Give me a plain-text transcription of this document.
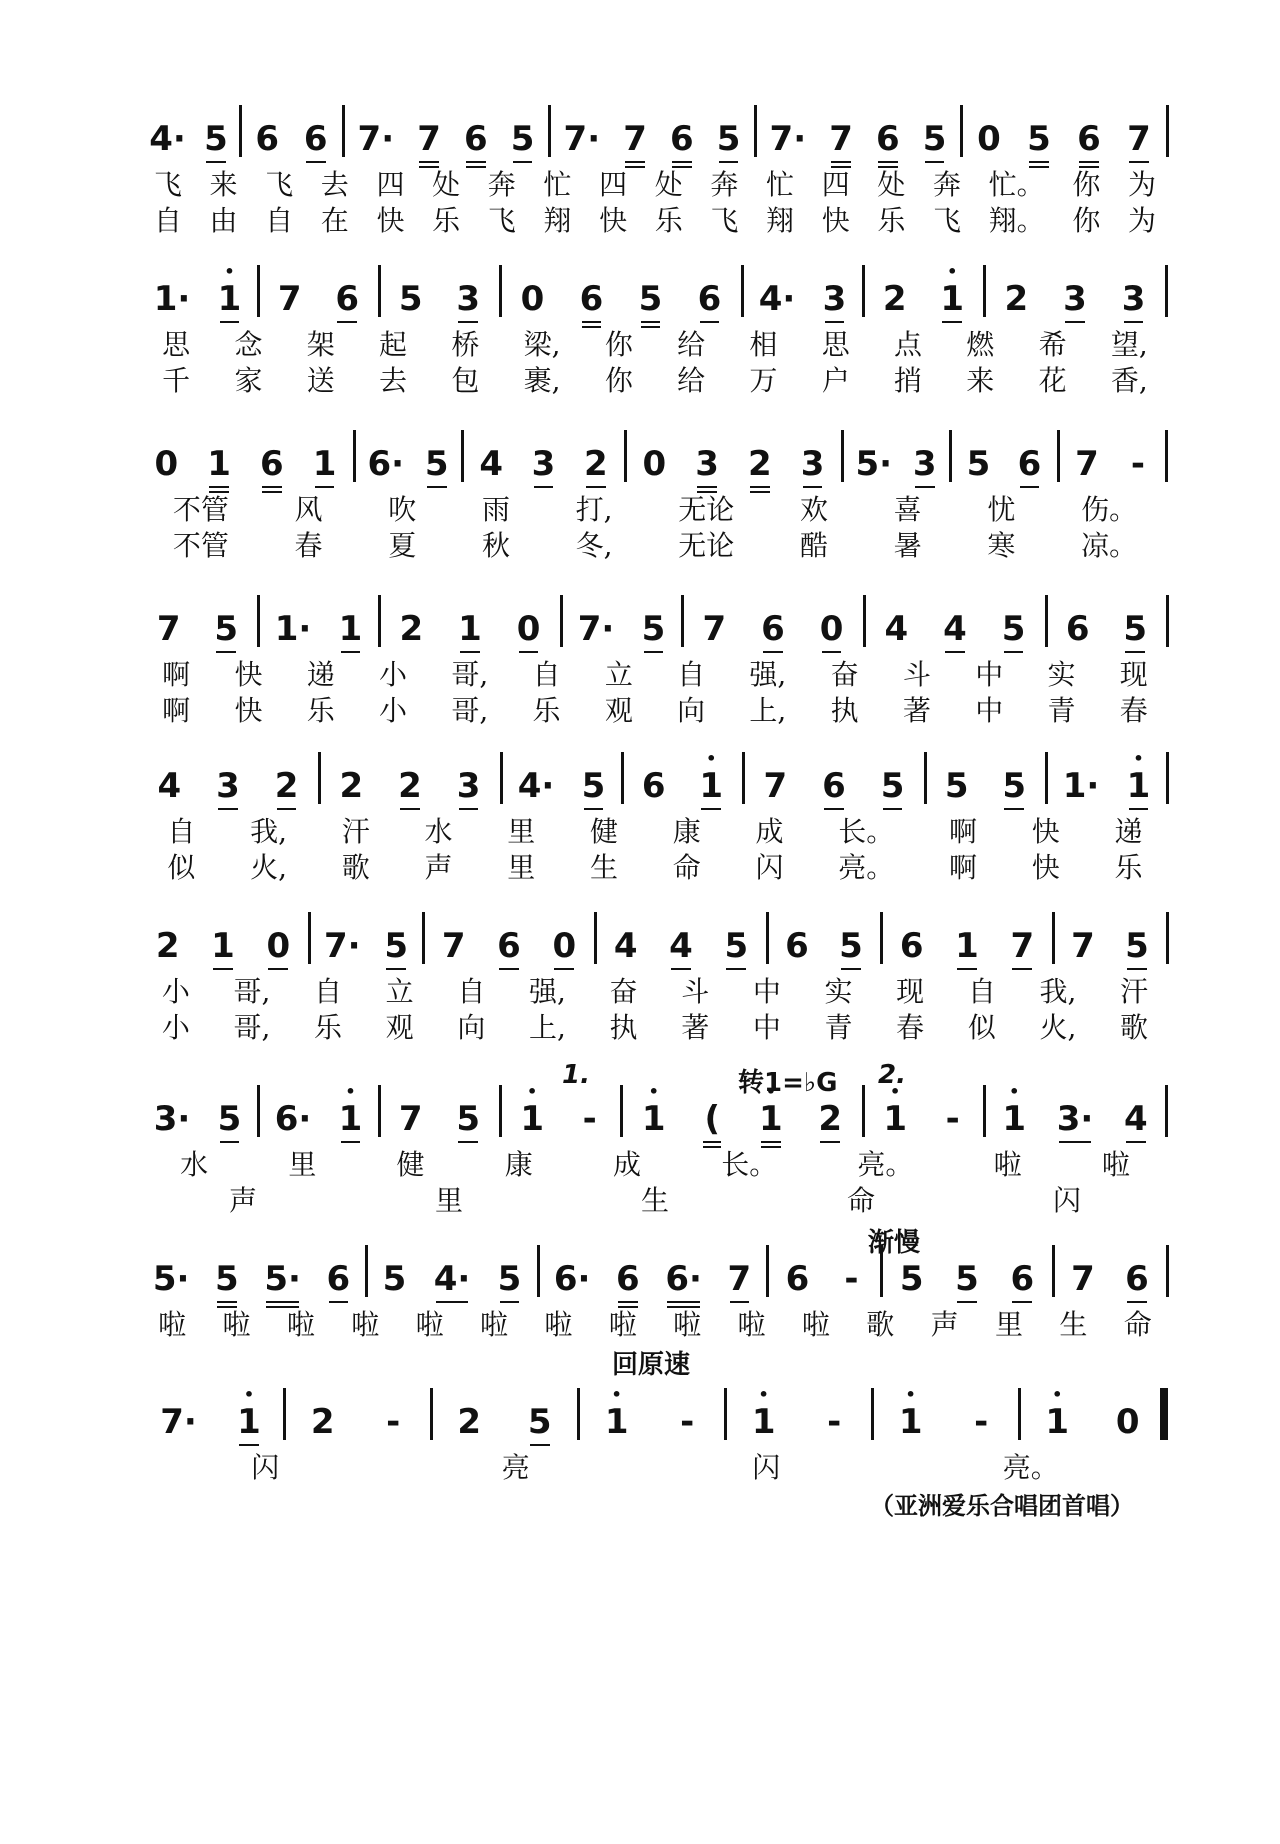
4· 5 6 6 7· 7 6 5 7· 7 6 5 7· 7 6 5 0 5 6 7
飞 来 飞 去 四 处 奔 忙 四 处 奔 忙 四 处 奔 忙。 你 为
自 由 自 在 快 乐 飞 翔 快 乐 飞 翔 快 乐 飞 翔。 你 为
1· • 1 7 6 5 3 0 6 5 6 4· 3 2 • 1 2 3 3
思 念 架 起 桥 梁, 你 给 相 思 点 燃 希 望,
千 家 送 去 包 裹, 你 给 万 户 捎 来 花 香,
0 1 6 1 6· 5 4 3 2 0 3 2 3 5· 3 5 6 7 -
不管 风 吹 雨 打, 无论 欢 喜 忧 伤。
不管 春 夏 秋 冬, 无论 酷 暑 寒 凉。
7 5 1· 1 2 1 0 7· 5 7 6 0 4 4 5 6 5
啊 快 递 小 哥, 自 立 自 强, 奋 斗 中 实 现
啊 快 乐 小 哥, 乐 观 向 上, 执 著 中 青 春
4 3 2 2 2 3 4· 5 6 • 1 7 6 5 5 5 1· • 1
自 我, 汗 水 里 健 康 成 长。 啊 快 递
似 火, 歌 声 里 生 命 闪 亮。 啊 快 乐
2 1 0 7· 5 7 6 0 4 4 5 6 5 6 1 7 7 5
小 哥, 自 立 自 强, 奋 斗 中 实 现 自 我, 汗
小 哥, 乐 观 向 上, 执 著 中 青 春 似 火, 歌
3· 5 6· • 1 7 5 • 1 - • 1 ( • 1 2 • 1 - • 1 3· 4
水	里	健	康	成	长。	亮。	啦	啦
声	里	生	命	闪
5· 5 5· 6 5 4· 5 6· 6 6· 7 6 - 5 5 6 7 6
啦 啦 啦 啦 啦 啦 啦 啦 啦 啦 啦 歌 声 里 生 命
7· • 1 2 - 2 5 • 1 - • 1 - • 1 - • 1 0
闪	亮	闪	亮。
渐慢
回原速
转1=♭G
1.	2.
（亚洲爱乐合唱团首唱）
